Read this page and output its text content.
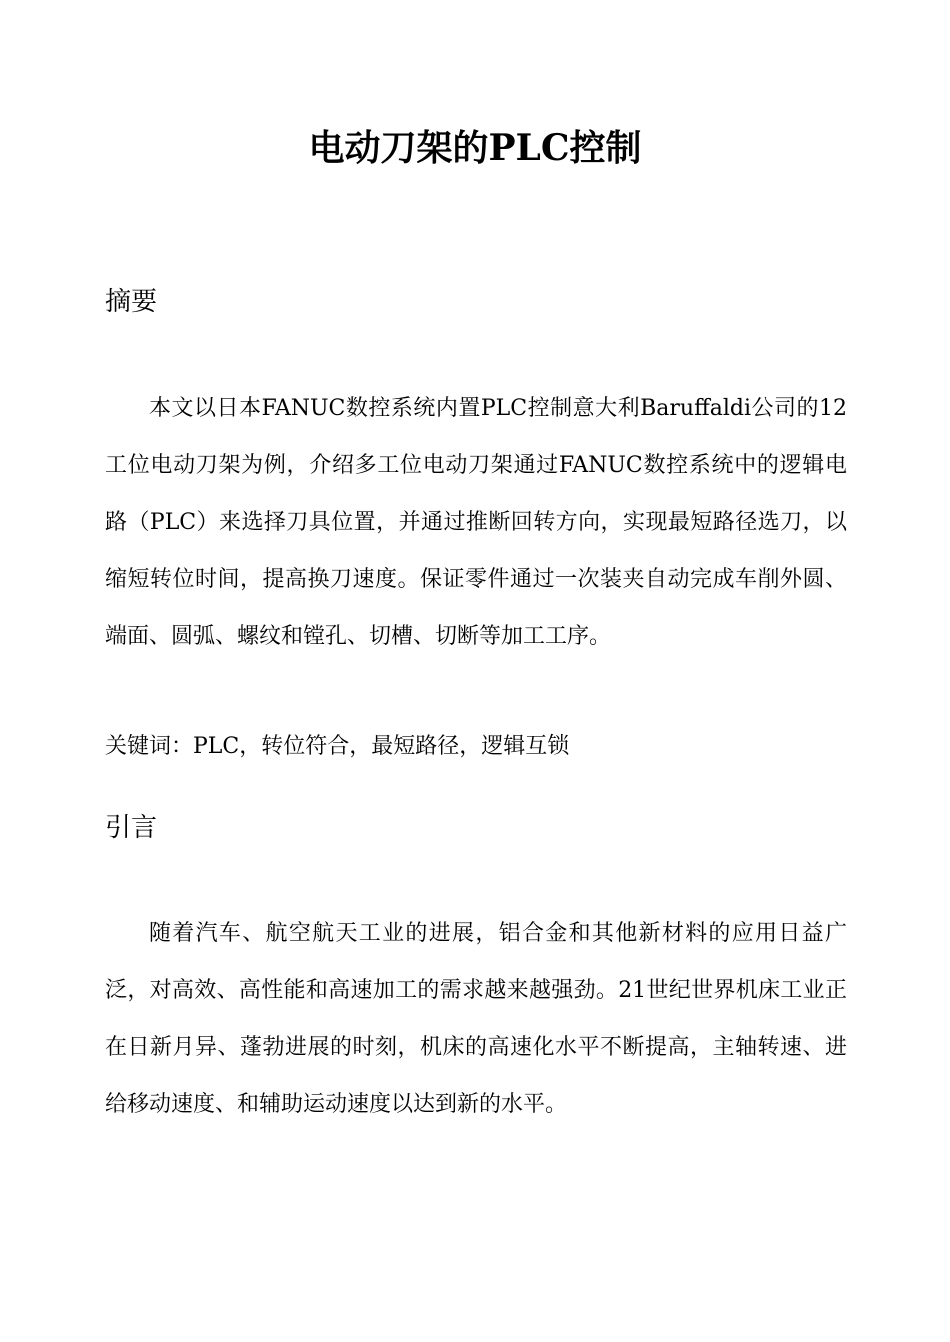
电动刀架的PLC控制
摘要

本文以日本FANUC数控系统内置PLC控制意大利Baruffaldi公司的12工位电动刀架为例，介绍多工位电动刀架通过FANUC数控系统中的逻辑电路（PLC）来选择刀具位置，并通过推断回转方向，实现最短路径选刀，以缩短转位时间，提高换刀速度。保证零件通过一次装夹自动完成车削外圆、端面、圆弧、螺纹和镗孔、切槽、切断等加工工序。

关键词：PLC，转位符合，最短路径，逻辑互锁

引言

随着汽车、航空航天工业的进展，铝合金和其他新材料的应用日益广泛，对高效、高性能和高速加工的需求越来越强劲。21世纪世界机床工业正在日新月异、蓬勃进展的时刻，机床的高速化水平不断提高，主轴转速、进给移动速度、和辅助运动速度以达到新的水平。
